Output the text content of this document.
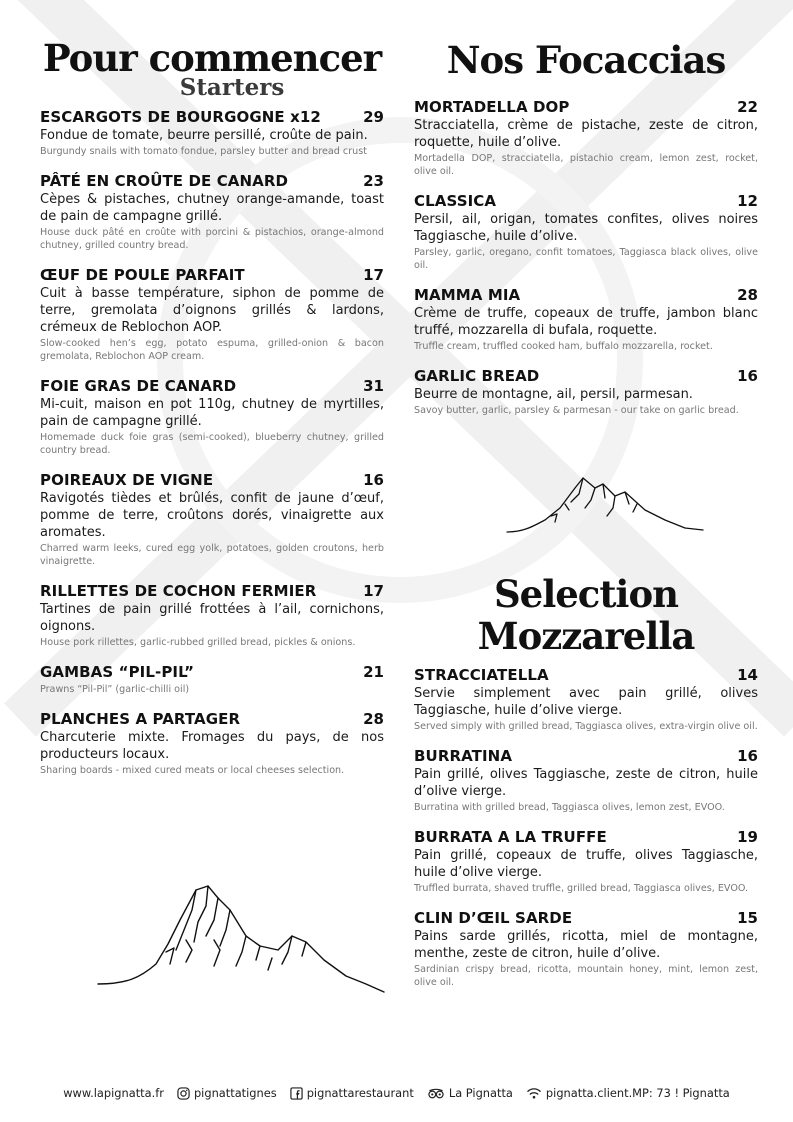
Pour commencer
Starters
ESCARGOTS DE BOURGOGNE x12	29
Fondue de tomate, beurre persillé, croûte de pain.
Burgundy snails with tomato fondue, parsley butter and bread crust
PÂTÉ EN CROÛTE DE CANARD	23
Cèpes & pistaches, chutney orange-amande, toast de pain de campagne grillé.
House duck pâté en croûte with porcini & pistachios, orange-almond chutney, grilled country bread.
ŒUF DE POULE PARFAIT	17
Cuit à basse température, siphon de pomme de terre, gremolata d’oignons grillés & lardons, crémeux de Reblochon AOP.
Slow-cooked hen’s egg, potato espuma, grilled-onion & bacon gremolata, Reblochon AOP cream.
FOIE GRAS DE CANARD	31
Mi-cuit, maison en pot 110g, chutney de myrtilles, pain de campagne grillé.
Homemade duck foie gras (semi-cooked), blueberry chutney, grilled country bread.
POIREAUX DE VIGNE	16
Ravigotés tièdes et brûlés, confit de jaune d’œuf, pomme de terre, croûtons dorés, vinaigrette aux aromates.
Charred warm leeks, cured egg yolk, potatoes, golden croutons, herb vinaigrette.
RILLETTES DE COCHON FERMIER	17
Tartines de pain grillé frottées à l’ail, cornichons, oignons.
House pork rillettes, garlic-rubbed grilled bread, pickles & onions.
GAMBAS “PIL-PIL”	21
Prawns “Pil-Pil” (garlic-chilli oil)
PLANCHES A PARTAGER	28
Charcuterie mixte. Fromages du pays, de nos producteurs locaux.
Sharing boards - mixed cured meats or local cheeses selection.
Nos Focaccias
MORTADELLA DOP	22
Stracciatella, crème de pistache, zeste de citron, roquette, huile d’olive.
Mortadella DOP, stracciatella, pistachio cream, lemon zest, rocket, olive oil.
CLASSICA	12
Persil, ail, origan, tomates confites, olives noires Taggiasche, huile d’olive.
Parsley, garlic, oregano, confit tomatoes, Taggiasca black olives, olive oil.
MAMMA MIA	28
Crème de truffe, copeaux de truffe, jambon blanc truffé, mozzarella di bufala, roquette.
Truffle cream, truffled cooked ham, buffalo mozzarella, rocket.
GARLIC BREAD	16
Beurre de montagne, ail, persil, parmesan.
Savoy butter, garlic, parsley & parmesan - our take on garlic bread.
Selection
Mozzarella
STRACCIATELLA	14
Servie simplement avec pain grillé, olives Taggiasche, huile d’olive vierge.
Served simply with grilled bread, Taggiasca olives, extra-virgin olive oil.
BURRATINA	16
Pain grillé, olives Taggiasche, zeste de citron, huile d’olive vierge.
Burratina with grilled bread, Taggiasca olives, lemon zest, EVOO.
BURRATA A LA TRUFFE	19
Pain grillé, copeaux de truffe, olives Taggiasche, huile d’olive vierge.
Truffled burrata, shaved truffle, grilled bread, Taggiasca olives, EVOO.
CLIN D’ŒIL SARDE	15
Pains sarde grillés, ricotta, miel de montagne, menthe, zeste de citron, huile d’olive.
Sardinian crispy bread, ricotta, mountain honey, mint, lemon zest, olive oil.
www.lapignatta.fr	pignattatignes	pignattarestaurant	La Pignatta	pignatta.client.MP: 73 ! Pignatta
